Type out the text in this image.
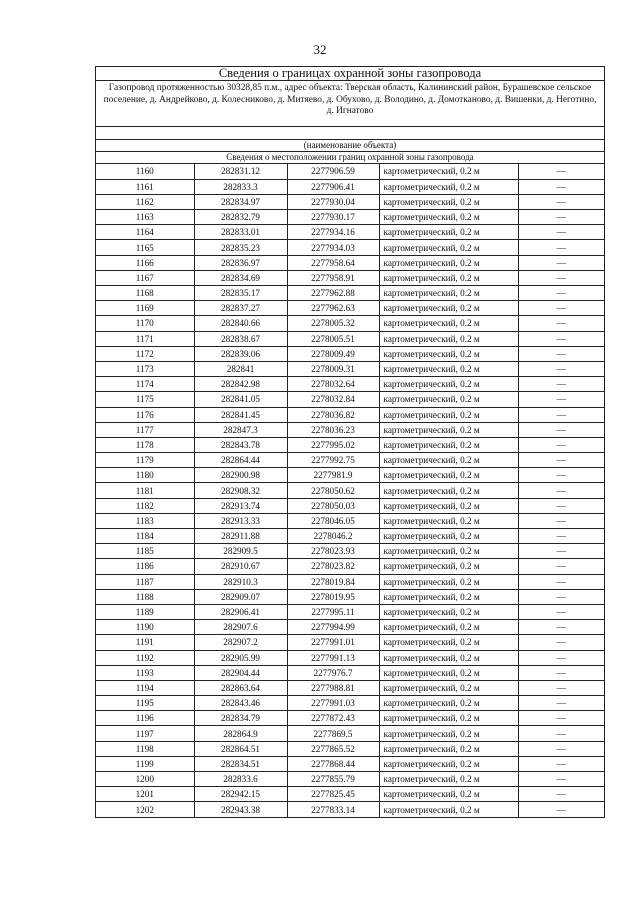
32
Сведения о границах охранной зоны газопровода
Газопровод протяженностью 30328,85 п.м., адрес объекта: Тверская область, Калининский район, Бурашевское сельское поселение, д. Андрейково, д. Колесниково, д. Митяево, д. Обухово, д. Володино, д. Домотканово, д. Вишенки, д. Неготино, д. Игнатово
(наименование объекта)
Сведения о местоположении границ охранной зоны газопровода
1160	282831.12	2277906.59	картометрический, 0.2 м	—
1161	282833.3	2277906.41	картометрический, 0.2 м	—
1162	282834.97	2277930.04	картометрический, 0.2 м	—
1163	282832.79	2277930.17	картометрический, 0.2 м	—
1164	282833.01	2277934.16	картометрический, 0.2 м	—
1165	282835.23	2277934.03	картометрический, 0.2 м	—
1166	282836.97	2277958.64	картометрический, 0.2 м	—
1167	282834.69	2277958.91	картометрический, 0.2 м	—
1168	282835.17	2277962.88	картометрический, 0.2 м	—
1169	282837.27	2277962.63	картометрический, 0.2 м	—
1170	282840.66	2278005.32	картометрический, 0.2 м	—
1171	282838.67	2278005.51	картометрический, 0.2 м	—
1172	282839.06	2278009.49	картометрический, 0.2 м	—
1173	282841	2278009.31	картометрический, 0.2 м	—
1174	282842.98	2278032.64	картометрический, 0.2 м	—
1175	282841.05	2278032.84	картометрический, 0.2 м	—
1176	282841.45	2278036.82	картометрический, 0.2 м	—
1177	282847.3	2278036.23	картометрический, 0.2 м	—
1178	282843.78	2277995.02	картометрический, 0.2 м	—
1179	282864.44	2277992.75	картометрический, 0.2 м	—
1180	282900.98	2277981.9	картометрический, 0.2 м	—
1181	282908.32	2278050.62	картометрический, 0.2 м	—
1182	282913.74	2278050.03	картометрический, 0.2 м	—
1183	282913.33	2278046.05	картометрический, 0.2 м	—
1184	282911.88	2278046.2	картометрический, 0.2 м	—
1185	282909.5	2278023.93	картометрический, 0.2 м	—
1186	282910.67	2278023.82	картометрический, 0.2 м	—
1187	282910.3	2278019.84	картометрический, 0.2 м	—
1188	282909.07	2278019.95	картометрический, 0.2 м	—
1189	282906.41	2277995.11	картометрический, 0.2 м	—
1190	282907.6	2277994.99	картометрический, 0.2 м	—
1191	282907.2	2277991.01	картометрический, 0.2 м	—
1192	282905.99	2277991.13	картометрический, 0.2 м	—
1193	282904.44	2277976.7	картометрический, 0.2 м	—
1194	282863.64	2277988.81	картометрический, 0.2 м	—
1195	282843.46	2277991.03	картометрический, 0.2 м	—
1196	282834.79	2277872.43	картометрический, 0.2 м	—
1197	282864.9	2277869.5	картометрический, 0.2 м	—
1198	282864.51	2277865.52	картометрический, 0.2 м	—
1199	282834.51	2277868.44	картометрический, 0.2 м	—
1200	282833.6	2277855.79	картометрический, 0.2 м	—
1201	282942.15	2277825.45	картометрический, 0.2 м	—
1202	282943.38	2277833.14	картометрический, 0.2 м	—
